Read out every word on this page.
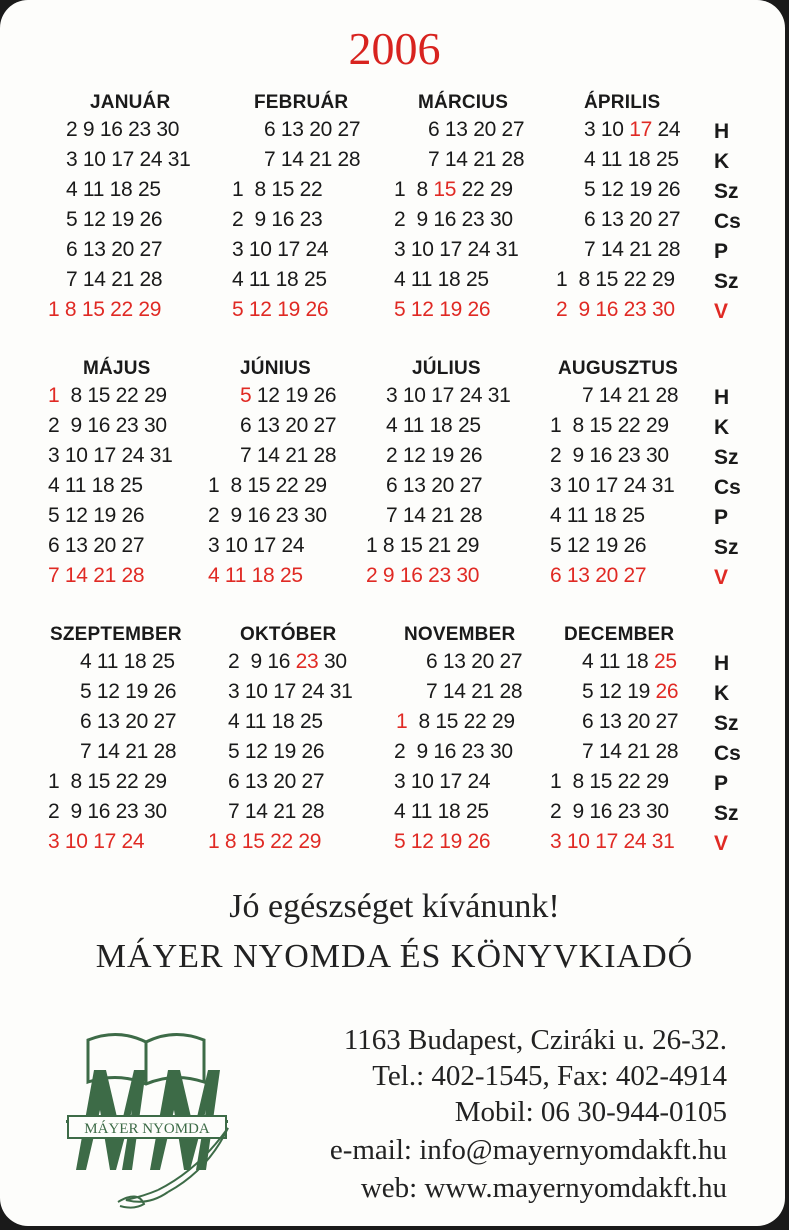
2006
JANUÁR
2 9 16 23 30
3 10 17 24 31
4 11 18 25
5 12 19 26
6 13 20 27
7 14 21 28
1 8 15 22 29
FEBRUÁR
6 13 20 27
7 14 21 28
1  8 15 22
2  9 16 23
3 10 17 24
4 11 18 25
5 12 19 26
MÁRCIUS
6 13 20 27
7 14 21 28
1  8 15 22 29
2  9 16 23 30
3 10 17 24 31
4 11 18 25
5 12 19 26
ÁPRILIS
3 10 17 24
4 11 18 25
5 12 19 26
6 13 20 27
7 14 21 28
1  8 15 22 29
2  9 16 23 30
MÁJUS
1  8 15 22 29
2  9 16 23 30
3 10 17 24 31
4 11 18 25
5 12 19 26
6 13 20 27
7 14 21 28
JÚNIUS
5 12 19 26
6 13 20 27
7 14 21 28
1  8 15 22 29
2  9 16 23 30
3 10 17 24
4 11 18 25
JÚLIUS
3 10 17 24 31
4 11 18 25
2 12 19 26
6 13 20 27
7 14 21 28
1 8 15 21 29
2 9 16 23 30
AUGUSZTUS
7 14 21 28
1  8 15 22 29
2  9 16 23 30
3 10 17 24 31
4 11 18 25
5 12 19 26
6 13 20 27
SZEPTEMBER
4 11 18 25
5 12 19 26
6 13 20 27
7 14 21 28
1  8 15 22 29
2  9 16 23 30
3 10 17 24
OKTÓBER
2  9 16 23 30
3 10 17 24 31
4 11 18 25
5 12 19 26
6 13 20 27
7 14 21 28
1 8 15 22 29
NOVEMBER
6 13 20 27
7 14 21 28
1  8 15 22 29
2  9 16 23 30
3 10 17 24
4 11 18 25
5 12 19 26
DECEMBER
4 11 18 25
5 12 19 26
6 13 20 27
7 14 21 28
1  8 15 22 29
2  9 16 23 30
3 10 17 24 31
H
K
Sz
Cs
P
Sz
V
H
K
Sz
Cs
P
Sz
V
H
K
Sz
Cs
P
Sz
V
Jó egészséget kívánunk!
MÁYER NYOMDA ÉS KÖNYVKIADÓ
1163 Budapest, Cziráki u. 26-32.
Tel.: 402-1545, Fax: 402-4914
Mobil: 06 30-944-0105
e-mail: info@mayernyomdakft.hu
web: www.mayernyomdakft.hu
MÁYER NYOMDA
